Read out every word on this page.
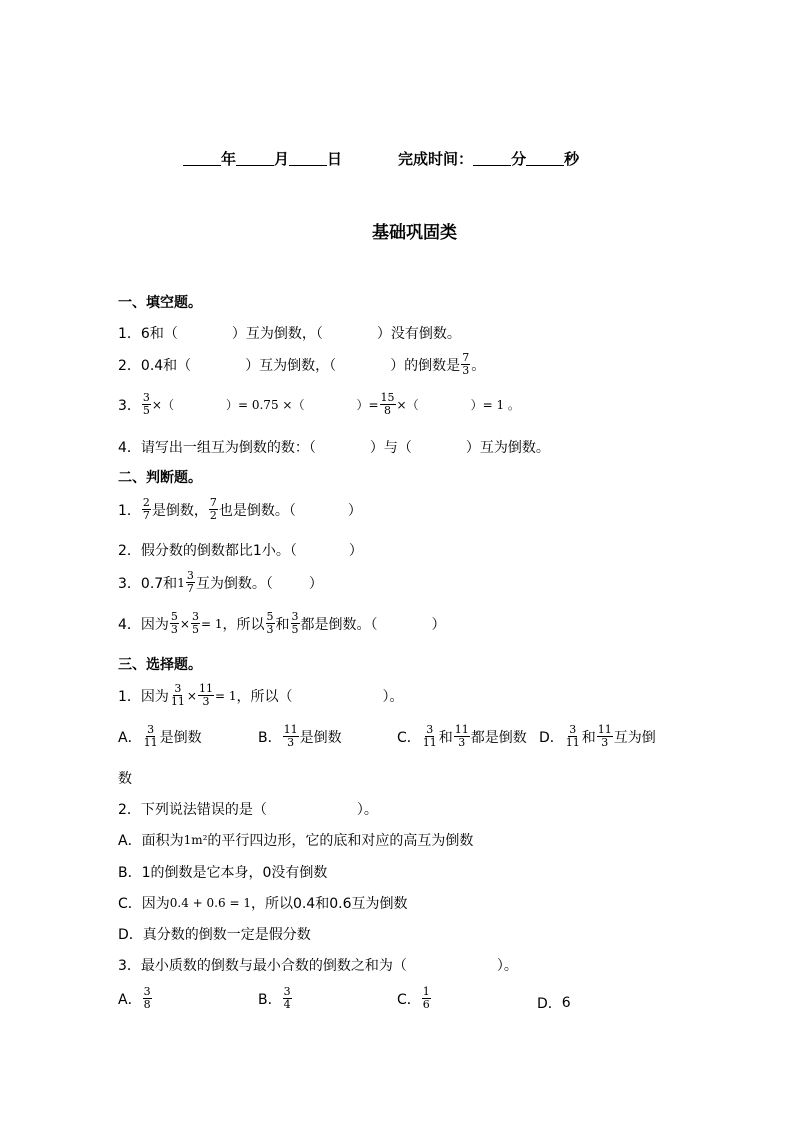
年	月	日	完成时间：	分	秒
基础巩固类
一、填空题。
1． 6和（	）互为倒数，（	）没有倒数。
2． 0.4和（	）互为倒数，（	）的倒数是 $\frac{7}{3}$ 。
3． $\frac{3}{5}$ ×（	）= 0.75 ×（	）= $\frac{15}{8}$ ×（	）= 1 。
4． 请写出一组互为倒数的数：（	）与（	）互为倒数。
二、判断题。
1． $\frac{2}{7}$ 是倒数， $\frac{7}{2}$ 也是倒数。（	）
2． 假分数的倒数都比1小。（	）
3． 0.7和 $1 \frac{3}{7}$ 互为倒数。（	）
4． 因为 $\frac{5}{3} \times \frac{3}{5} = 1$ ，所以 $\frac{5}{3}$ 和 $\frac{3}{5}$ 都是倒数。（	）
三、选择题。
1． 因为 $\frac{3}{11} \times \frac{11}{3} = 1$ ，所以（	）。
A． $\frac{3}{11}$ 是倒数	B． $\frac{11}{3}$ 是倒数	C． $\frac{3}{11}$ 和 $\frac{11}{3}$ 都是倒数 D． $\frac{3}{11}$ 和 $\frac{11}{3}$ 互为倒
数
2． 下列说法错误的是（	）。
A． 面积为 1m² 的平行四边形，它的底和对应的高互为倒数
B． 1的倒数是它本身，0没有倒数
C． 因为 0.4 + 0.6 = 1 ，所以0.4和0.6互为倒数
D． 真分数的倒数一定是假分数
3． 最小质数的倒数与最小合数的倒数之和为（	）。
A． $\frac{3}{8}$	B． $\frac{3}{4}$	C． $\frac{1}{6}$	D． 6
